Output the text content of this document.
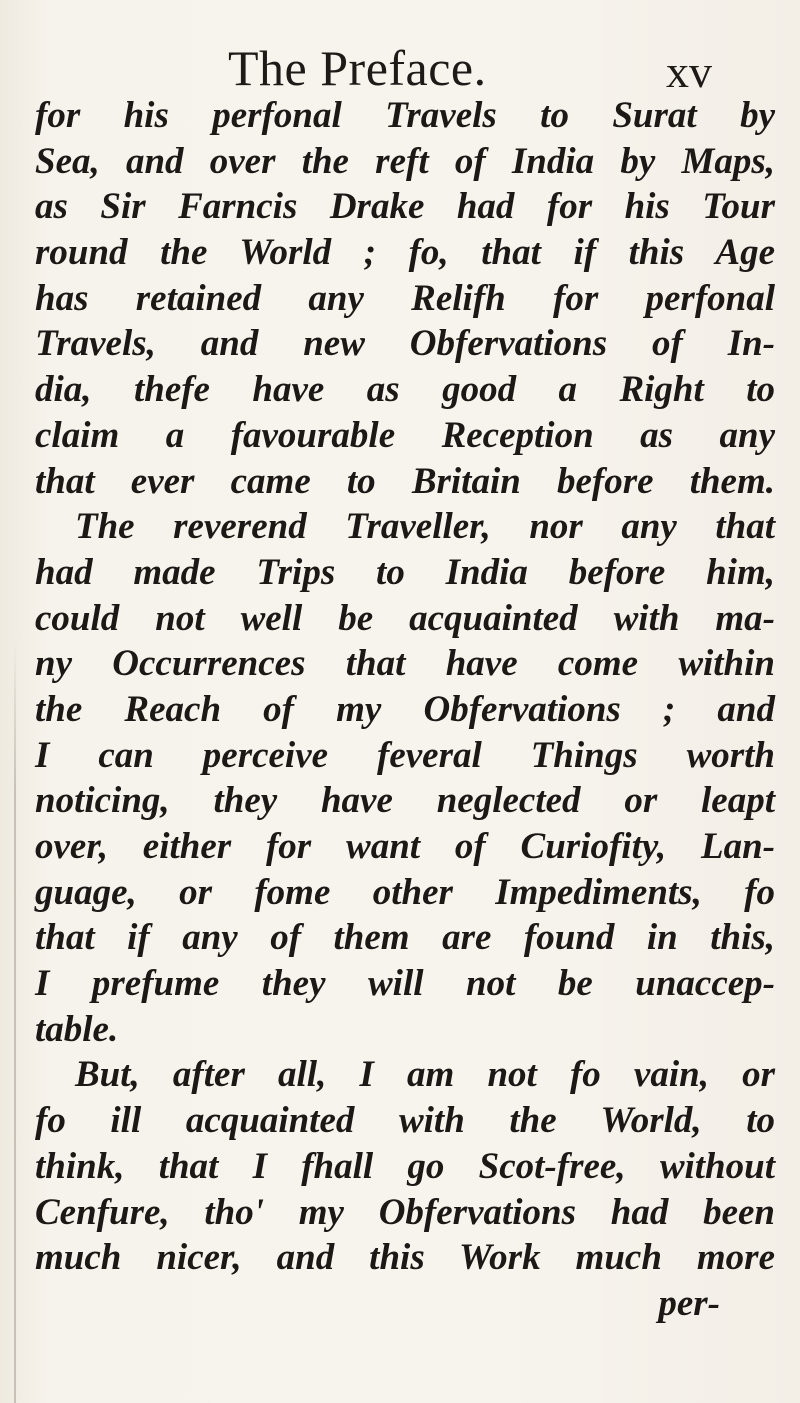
The Preface.	xv
for his perfonal Travels to Surat by
Sea, and over the reft of India by Maps,
as Sir Farncis Drake had for his Tour
round the World ; fo, that if this Age
has retained any Relifh for perfonal
Travels, and new Obfervations of In-
dia, thefe have as good a Right to
claim a favourable Reception as any
that ever came to Britain before them.
The reverend Traveller, nor any that
had made Trips to India before him,
could not well be acquainted with ma-
ny Occurrences that have come within
the Reach of my Obfervations ; and
I can perceive feveral Things worth
noticing, they have neglected or leapt
over, either for want of Curiofity, Lan-
guage, or fome other Impediments, fo
that if any of them are found in this,
I prefume they will not be unaccep-
table.
But, after all, I am not fo vain, or
fo ill acquainted with the World, to
think, that I fhall go Scot-free, without
Cenfure, tho' my Obfervations had been
much nicer, and this Work much more
per-
